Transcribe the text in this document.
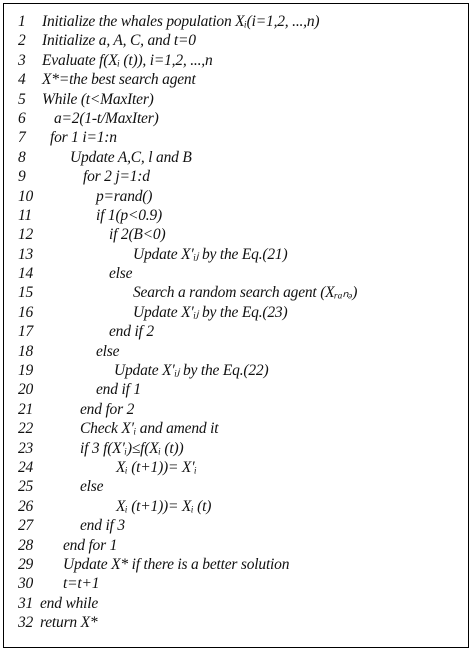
1 Initialize the whales population Xᵢ(i=1,2, ...,n)
2 Initialize a, A, C, and t=0
3 Evaluate f(Xᵢ (t)), i=1,2, ...,n
4 X*=the best search agent
5 While (t<MaxIter)
6 a=2(1-t/MaxIter)
7 for 1 i=1:n
8	Update A,C, l and B
9	for 2 j=1:d
10	p=rand()
11	if 1(p<0.9)
12	if 2(B<0)
13	Update X′ᵢⱼ by the Eq.(21)
14	else
15	Search a random search agent (Xᵣₐₙₔ)
16	Update X′ᵢⱼ by the Eq.(23)
17	end if 2
18	else
19	Update X′ᵢⱼ by the Eq.(22)
20	end if 1
21	end for 2
22	Check X′ᵢ and amend it
23	if 3 f(X′ᵢ)≤f(Xᵢ (t))
24	Xᵢ (t+1))= X′ᵢ
25	else
26	Xᵢ (t+1))= Xᵢ (t)
27	end if 3
28 end for 1
29 Update X* if there is a better solution
30 t=t+1
31 end while
32 return X*
